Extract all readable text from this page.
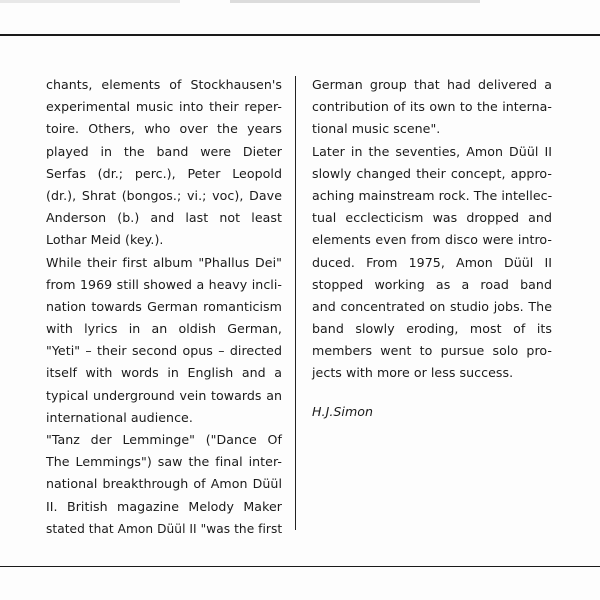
chants, elements of Stockhausen's
experimental music into their reper-
toire. Others, who over the years
played in the band were Dieter
Serfas (dr.; perc.), Peter Leopold
(dr.), Shrat (bongos.; vi.; voc), Dave
Anderson (b.) and last not least
Lothar Meid (key.).
While their first album "Phallus Dei"
from 1969 still showed a heavy incli-
nation towards German romanticism
with lyrics in an oldish German,
"Yeti" – their second opus – directed
itself with words in English and a
typical underground vein towards an
international audience.
"Tanz der Lemminge" ("Dance Of
The Lemmings") saw the final inter-
national breakthrough of Amon Düül
II. British magazine Melody Maker
stated that Amon Düül II "was the first
German group that had delivered a
contribution of its own to the interna-
tional music scene".
Later in the seventies, Amon Düül II
slowly changed their concept, appro-
aching mainstream rock. The intellec-
tual ecclecticism was dropped and
elements even from disco were intro-
duced. From 1975, Amon Düül II
stopped working as a road band
and concentrated on studio jobs. The
band slowly eroding, most of its
members went to pursue solo pro-
jects with more or less success.
H.J.Simon
